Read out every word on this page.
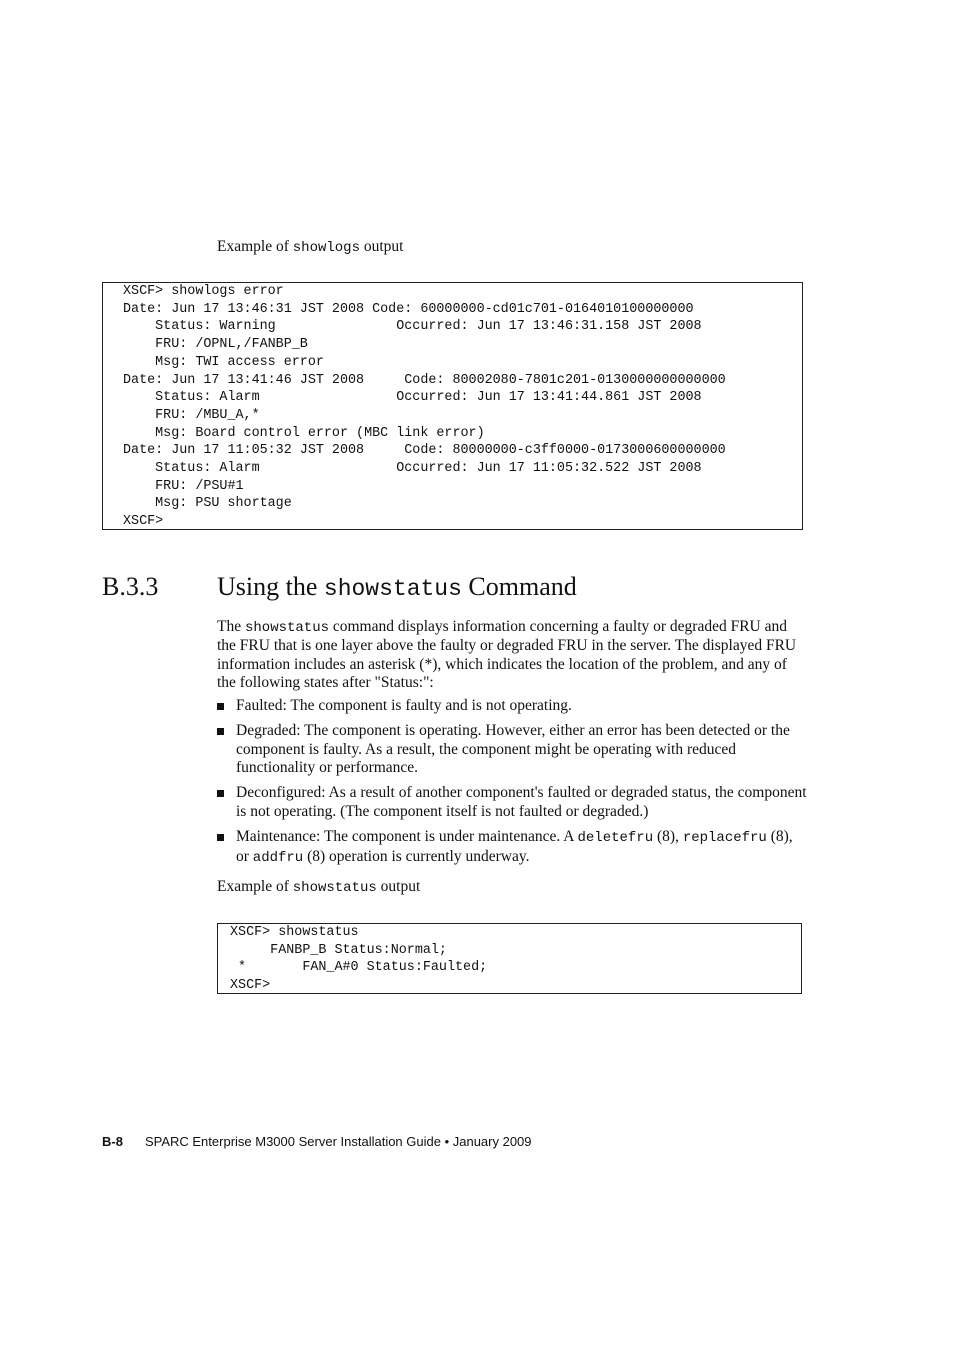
Example of showlogs output
XSCF> showlogs error
Date: Jun 17 13:46:31 JST 2008 Code: 60000000-cd01c701-0164010100000000
Status: Warning               Occurred: Jun 17 13:46:31.158 JST 2008
FRU: /OPNL,/FANBP_B
Msg: TWI access error
Date: Jun 17 13:41:46 JST 2008     Code: 80002080-7801c201-0130000000000000
Status: Alarm                 Occurred: Jun 17 13:41:44.861 JST 2008
FRU: /MBU_A,*
Msg: Board control error (MBC link error)
Date: Jun 17 11:05:32 JST 2008     Code: 80000000-c3ff0000-0173000600000000
Status: Alarm                 Occurred: Jun 17 11:05:32.522 JST 2008
FRU: /PSU#1
Msg: PSU shortage
XSCF>
B.3.3 Using the showstatus Command

The showstatus command displays information concerning a faulty or degraded FRU and the FRU that is one layer above the faulty or degraded FRU in the server. The displayed FRU information includes an asterisk (*), which indicates the location of the problem, and any of the following states after "Status:":

Faulted: The component is faulty and is not operating.
Degraded: The component is operating. However, either an error has been detected or the component is faulty. As a result, the component might be operating with reduced functionality or performance.
Deconfigured: As a result of another component's faulted or degraded status, the component is not operating. (The component itself is not faulted or degraded.)
Maintenance: The component is under maintenance. A deletefru (8), replacefru (8), or addfru (8) operation is currently underway.
Example of showstatus output
XSCF> showstatus
FANBP_B Status:Normal;
*       FAN_A#0 Status:Faulted;
XSCF>
B-8 SPARC Enterprise M3000 Server Installation Guide • January 2009
